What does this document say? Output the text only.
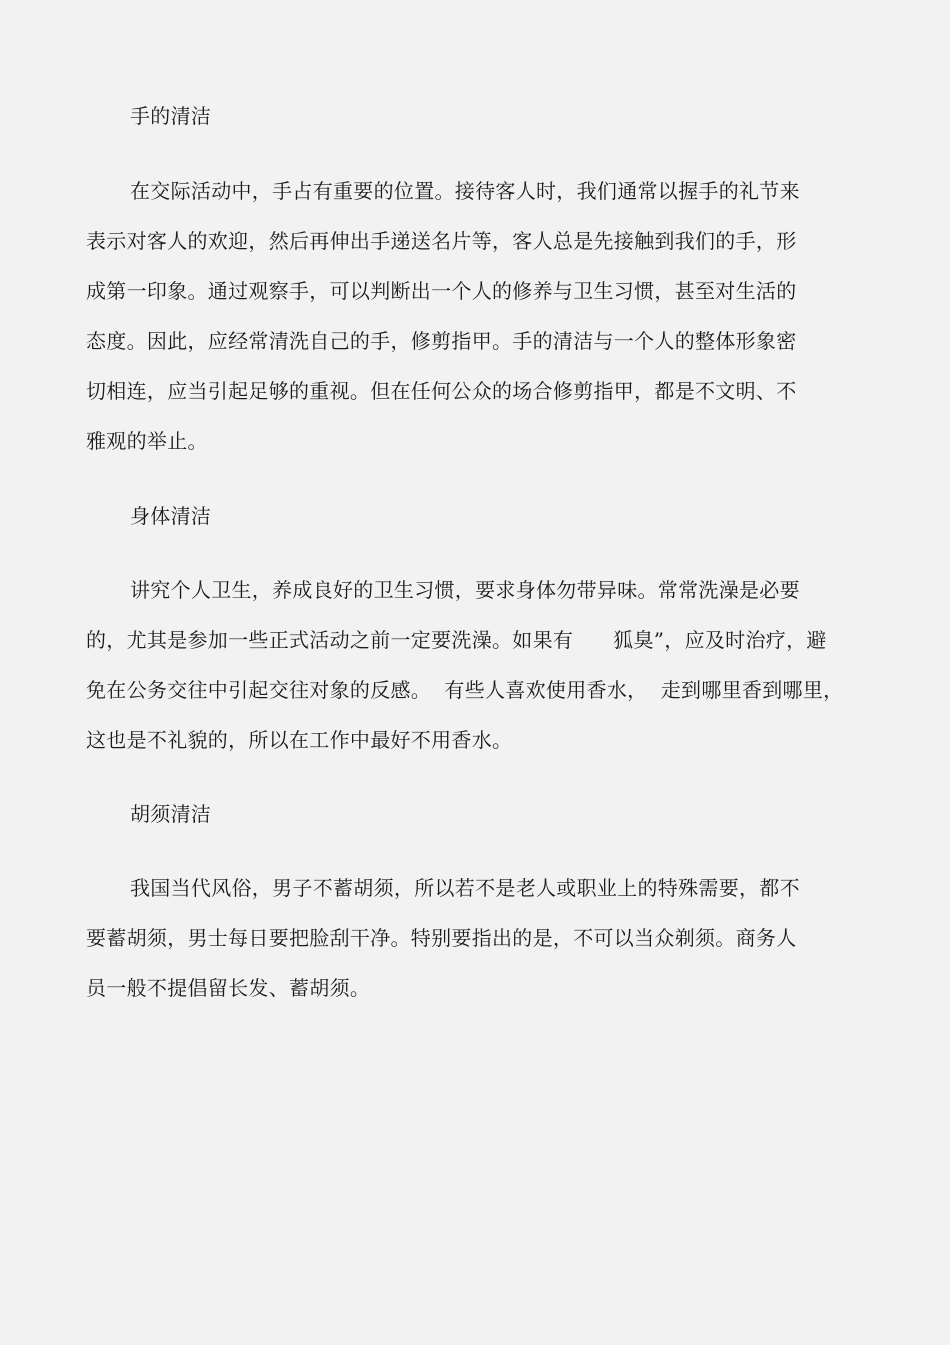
手的清洁
在交际活动中，手占有重要的位置。接待客人时，我们通常以握手的礼节来
表示对客人的欢迎，然后再伸出手递送名片等，客人总是先接触到我们的手，形
成第一印象。通过观察手，可以判断出一个人的修养与卫生习惯，甚至对生活的
态度。因此，应经常清洗自己的手，修剪指甲。手的清洁与一个人的整体形象密
切相连，应当引起足够的重视。但在任何公众的场合修剪指甲，都是不文明、不
雅观的举止。
身体清洁
讲究个人卫生，养成良好的卫生习惯，要求身体勿带异味。常常洗澡是必要
的，尤其是参加一些正式活动之前一定要洗澡。如果有      狐臭”，应及时治疗，避
免在公务交往中引起交往对象的反感。  有些人喜欢使用香水，  走到哪里香到哪里，
这也是不礼貌的，所以在工作中最好不用香水。
胡须清洁
我国当代风俗，男子不蓄胡须，所以若不是老人或职业上的特殊需要，都不
要蓄胡须，男士每日要把脸刮干净。特别要指出的是，不可以当众剃须。商务人
员一般不提倡留长发、蓄胡须。
